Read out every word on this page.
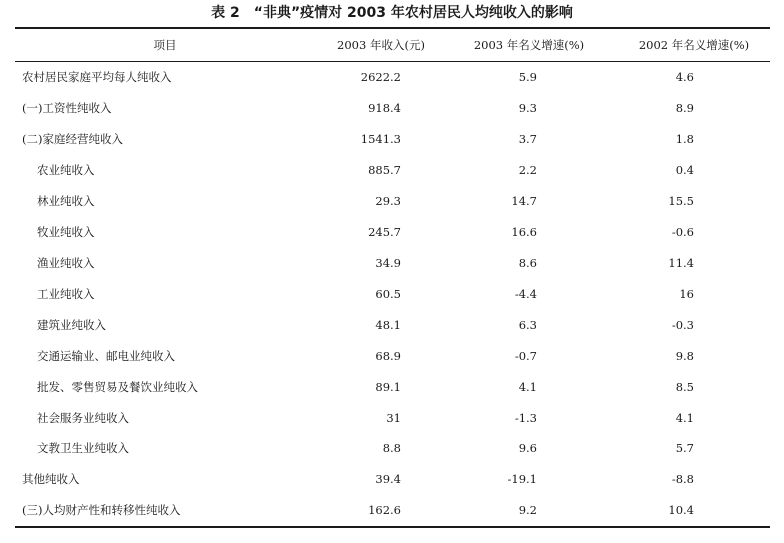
表 2　“非典”疫情对 2003 年农村居民人均纯收入的影响
项目	2003 年收入(元)	2003 年名义增速(%)	2002 年名义增速(%)
农村居民家庭平均每人纯收入	2622.2	5.9	4.6
(一)工资性纯收入	918.4	9.3	8.9
(二)家庭经营纯收入	1541.3	3.7	1.8
农业纯收入	885.7	2.2	0.4
林业纯收入	29.3	14.7	15.5
牧业纯收入	245.7	16.6	-0.6
渔业纯收入	34.9	8.6	11.4
工业纯收入	60.5	-4.4	16
建筑业纯收入	48.1	6.3	-0.3
交通运输业、邮电业纯收入	68.9	-0.7	9.8
批发、零售贸易及餐饮业纯收入	89.1	4.1	8.5
社会服务业纯收入	31	-1.3	4.1
文教卫生业纯收入	8.8	9.6	5.7
其他纯收入	39.4	-19.1	-8.8
(三)人均财产性和转移性纯收入	162.6	9.2	10.4
